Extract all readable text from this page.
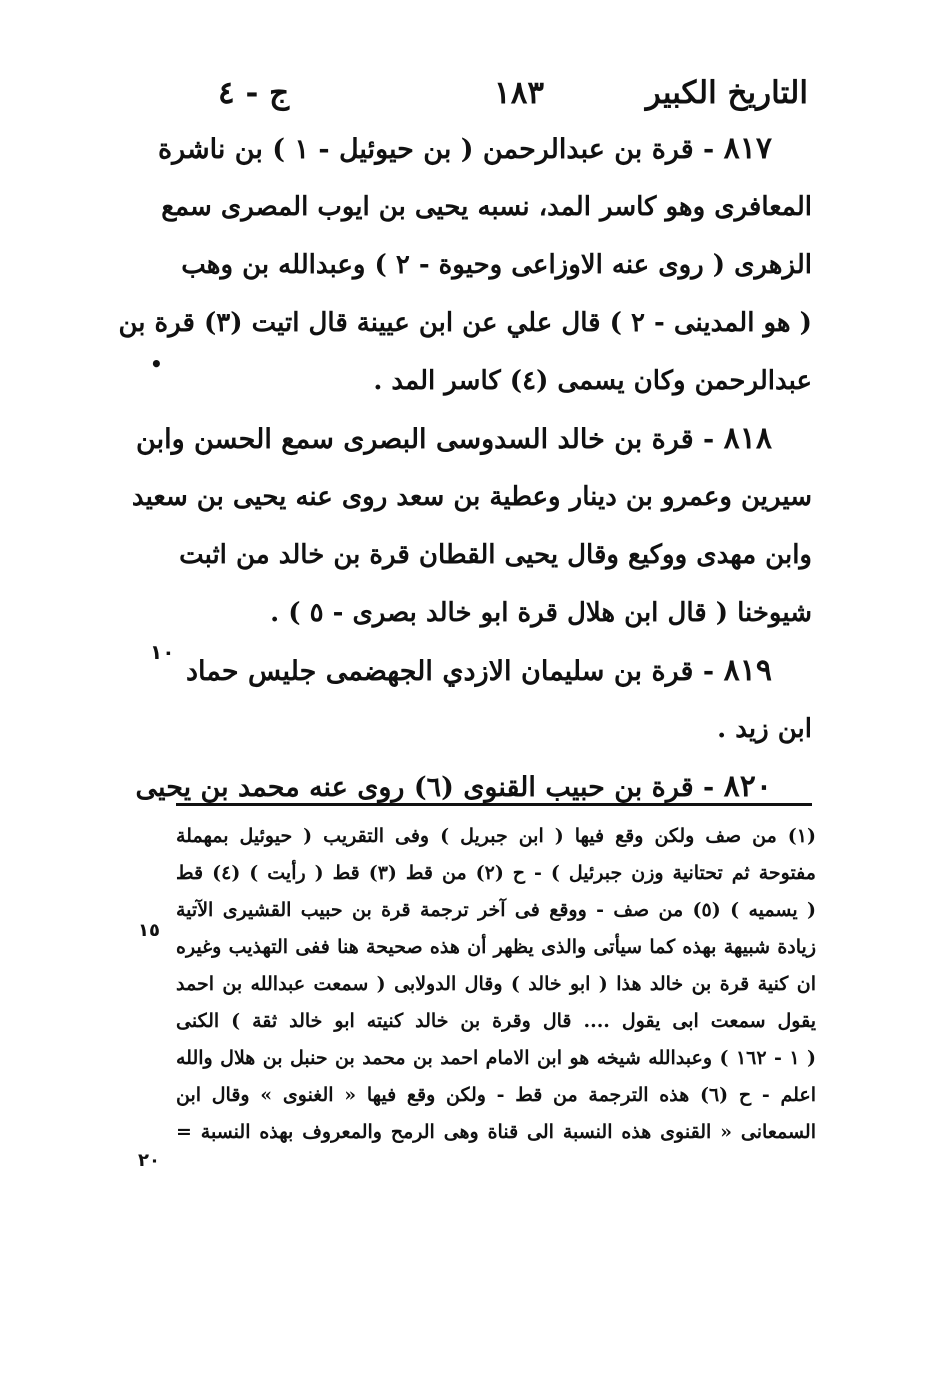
التاريخ الكبير
١٨٣
ج - ٤
•
١٠
٨١٧ - قرة بن عبدالرحمن ( بن حيوئيل - ١ ) بن ناشرة
المعافرى وهو كاسر المد، نسبه يحيى بن ايوب المصرى سمع
الزهرى ( روى عنه الاوزاعى وحيوة - ٢ ) وعبدالله بن وهب
( هو المدينى - ٢ ) قال علي عن ابن عيينة قال اتيت (٣) قرة بن
عبدالرحمن وكان يسمى (٤) كاسر المد .
٨١٨ - قرة بن خالد السدوسى البصرى سمع الحسن وابن
سيرين وعمرو بن دينار وعطية بن سعد روى عنه يحيى بن سعيد
وابن مهدى ووكيع وقال يحيى القطان قرة بن خالد من اثبت
شيوخنا ( قال ابن هلال قرة ابو خالد بصرى - ٥ ) .
٨١٩ - قرة بن سليمان الازدي الجهضمى جليس حماد
ابن زيد .
٨٢٠ - قرة بن حبيب القنوى (٦) روى عنه محمد بن يحيى
١٥
٢٠
(١) من صف ولكن وقع فيها ( ابن جبريل ) وفى التقريب ( حيوئيل بمهملة
مفتوحة ثم تحتانية وزن جبرئيل ) - ح (٢) من قط (٣) قط ( رأيت ) (٤) قط
( يسميه ) (٥) من صف - ووقع فى آخر ترجمة قرة بن حبيب القشيرى الآتية
زيادة شبيهة بهذه كما سيأتى والذى يظهر أن هذه صحيحة هنا ففى التهذيب وغيره
ان كنية قرة بن خالد هذا ( ابو خالد ) وقال الدولابى ( سمعت عبدالله بن احمد
يقول سمعت ابى يقول .... قال وقرة بن خالد كنيته ابو خالد ثقة ) الكنى
( ١ - ١٦٢ ) وعبدالله شيخه هو ابن الامام احمد بن محمد بن حنبل بن هلال والله
اعلم - ح (٦) هذه الترجمة من قط - ولكن وقع فيها « الغنوى » وقال ابن
السمعانى « القنوى هذه النسبة الى قناة وهى الرمح والمعروف بهذه النسبة =
